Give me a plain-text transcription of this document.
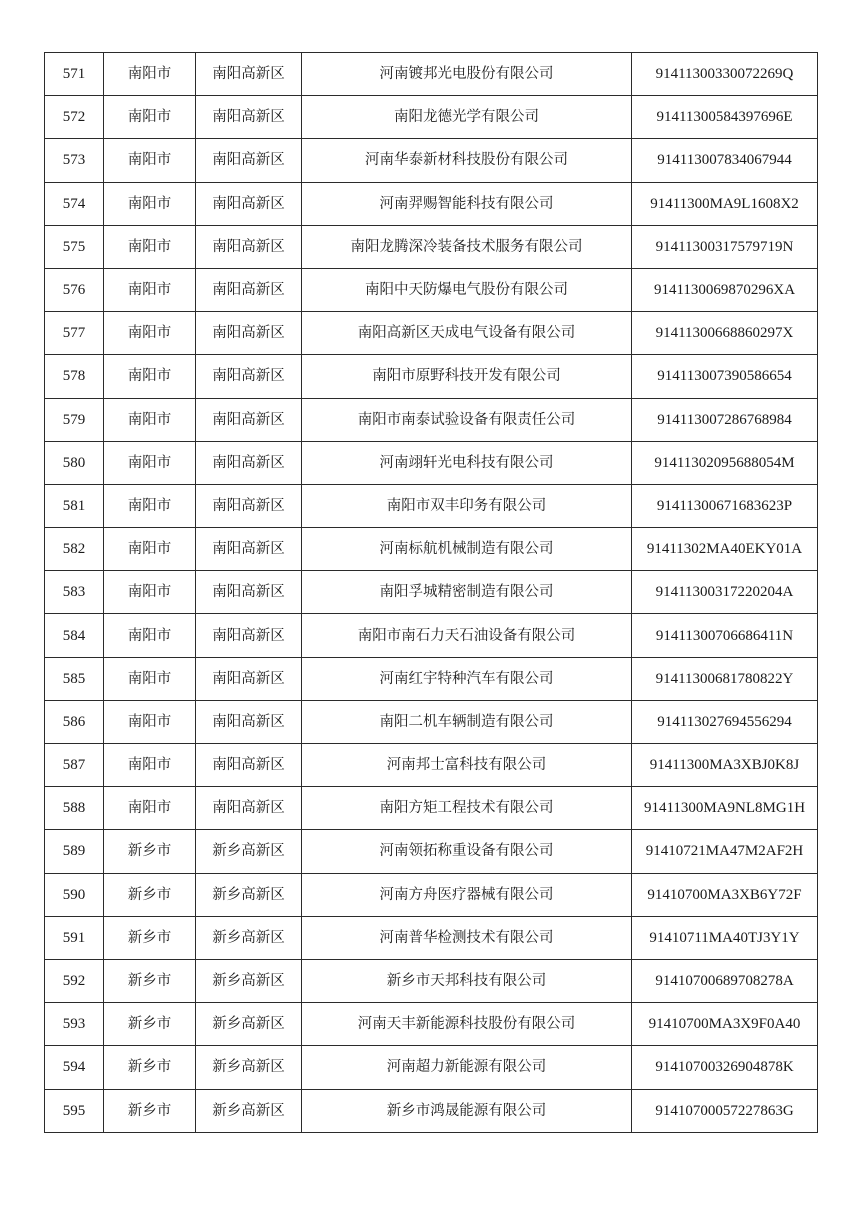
571	南阳市	南阳高新区	河南镀邦光电股份有限公司	91411300330072269Q
572	南阳市	南阳高新区	南阳龙德光学有限公司	91411300584397696E
573	南阳市	南阳高新区	河南华泰新材科技股份有限公司	914113007834067944
574	南阳市	南阳高新区	河南羿赐智能科技有限公司	91411300MA9L1608X2
575	南阳市	南阳高新区	南阳龙腾深冷装备技术服务有限公司	91411300317579719N
576	南阳市	南阳高新区	南阳中天防爆电气股份有限公司	9141130069870296XA
577	南阳市	南阳高新区	南阳高新区天成电气设备有限公司	91411300668860297X
578	南阳市	南阳高新区	南阳市原野科技开发有限公司	914113007390586654
579	南阳市	南阳高新区	南阳市南泰试验设备有限责任公司	914113007286768984
580	南阳市	南阳高新区	河南翊轩光电科技有限公司	91411302095688054M
581	南阳市	南阳高新区	南阳市双丰印务有限公司	91411300671683623P
582	南阳市	南阳高新区	河南标航机械制造有限公司	91411302MA40EKY01A
583	南阳市	南阳高新区	南阳孚城精密制造有限公司	91411300317220204A
584	南阳市	南阳高新区	南阳市南石力天石油设备有限公司	91411300706686411N
585	南阳市	南阳高新区	河南红宇特种汽车有限公司	91411300681780822Y
586	南阳市	南阳高新区	南阳二机车辆制造有限公司	914113027694556294
587	南阳市	南阳高新区	河南邦士富科技有限公司	91411300MA3XBJ0K8J
588	南阳市	南阳高新区	南阳方矩工程技术有限公司	91411300MA9NL8MG1H
589	新乡市	新乡高新区	河南领拓称重设备有限公司	91410721MA47M2AF2H
590	新乡市	新乡高新区	河南方舟医疗器械有限公司	91410700MA3XB6Y72F
591	新乡市	新乡高新区	河南普华检测技术有限公司	91410711MA40TJ3Y1Y
592	新乡市	新乡高新区	新乡市天邦科技有限公司	91410700689708278A
593	新乡市	新乡高新区	河南天丰新能源科技股份有限公司	91410700MA3X9F0A40
594	新乡市	新乡高新区	河南超力新能源有限公司	91410700326904878K
595	新乡市	新乡高新区	新乡市鸿晟能源有限公司	91410700057227863G
